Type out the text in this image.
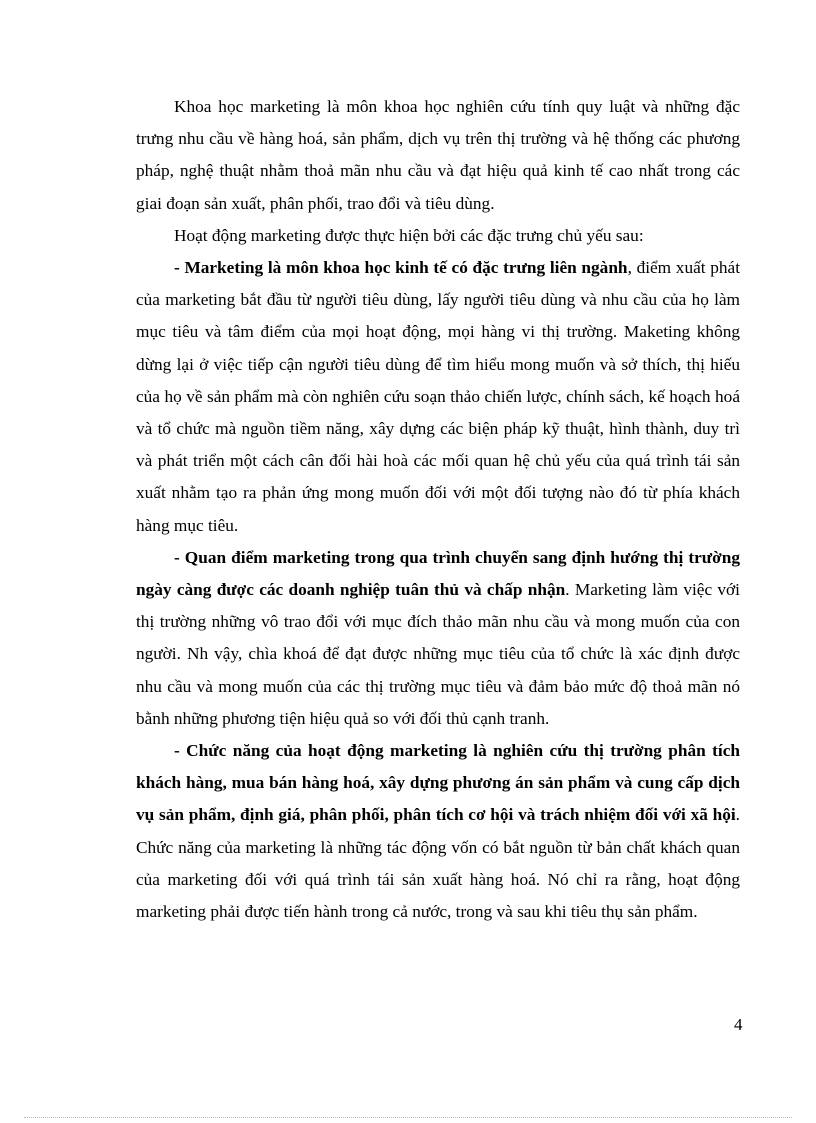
Khoa học marketing là môn khoa học nghiên cứu tính quy luật và những đặc trưng nhu cầu về hàng hoá, sản phẩm, dịch vụ trên thị trường và hệ thống các phương pháp, nghệ thuật nhằm thoả mãn nhu cầu và đạt hiệu quả kinh tế cao nhất trong các giai đoạn sản xuất, phân phối, trao đổi và tiêu dùng.

Hoạt động marketing được thực hiện bởi các đặc trưng chủ yếu sau:

- Marketing là môn khoa học kinh tế có đặc trưng liên ngành, điểm xuất phát của marketing bắt đầu từ người tiêu dùng, lấy người tiêu dùng và nhu cầu của họ làm mục tiêu và tâm điểm của mọi hoạt động, mọi hàng vi thị trường. Maketing không dừng lại ở việc tiếp cận người tiêu dùng để tìm hiểu mong muốn và sở thích, thị hiếu của họ về sản phẩm mà còn nghiên cứu soạn thảo chiến lược, chính sách, kế hoạch hoá và tổ chức mà nguồn tiềm năng, xây dựng các biện pháp kỹ thuật, hình thành, duy trì và phát triển một cách cân đối hài hoà các mối quan hệ chủ yếu của quá trình tái sản xuất nhằm tạo ra phản ứng mong muốn đối với một đối tượng nào đó từ phía khách hàng mục tiêu.

- Quan điểm marketing trong qua trình chuyển sang định hướng thị trường ngày càng được các doanh nghiệp tuân thủ và chấp nhận. Marketing làm việc với thị trường những vô trao đổi với mục đích thảo mãn nhu cầu và mong muốn của con người. Nh vậy, chìa khoá để đạt được những mục tiêu của tổ chức là xác định được nhu cầu và mong muốn của các thị trường mục tiêu và đảm bảo mức độ thoả mãn nó bằnh những phương tiện hiệu quả so với đối thủ cạnh tranh.

- Chức năng của hoạt động marketing là nghiên cứu thị trường phân tích khách hàng, mua bán hàng hoá, xây dựng phương án sản phẩm và cung cấp dịch vụ sản phẩm, định giá, phân phối, phân tích cơ hội và trách nhiệm đối với xã hội. Chức năng của marketing là những tác động vốn có bắt nguồn từ bản chất khách quan của marketing đối với quá trình tái sản xuất hàng hoá. Nó chỉ ra rằng, hoạt động marketing phải được tiến hành trong cả nước, trong và sau khi tiêu thụ sản phẩm.

4
